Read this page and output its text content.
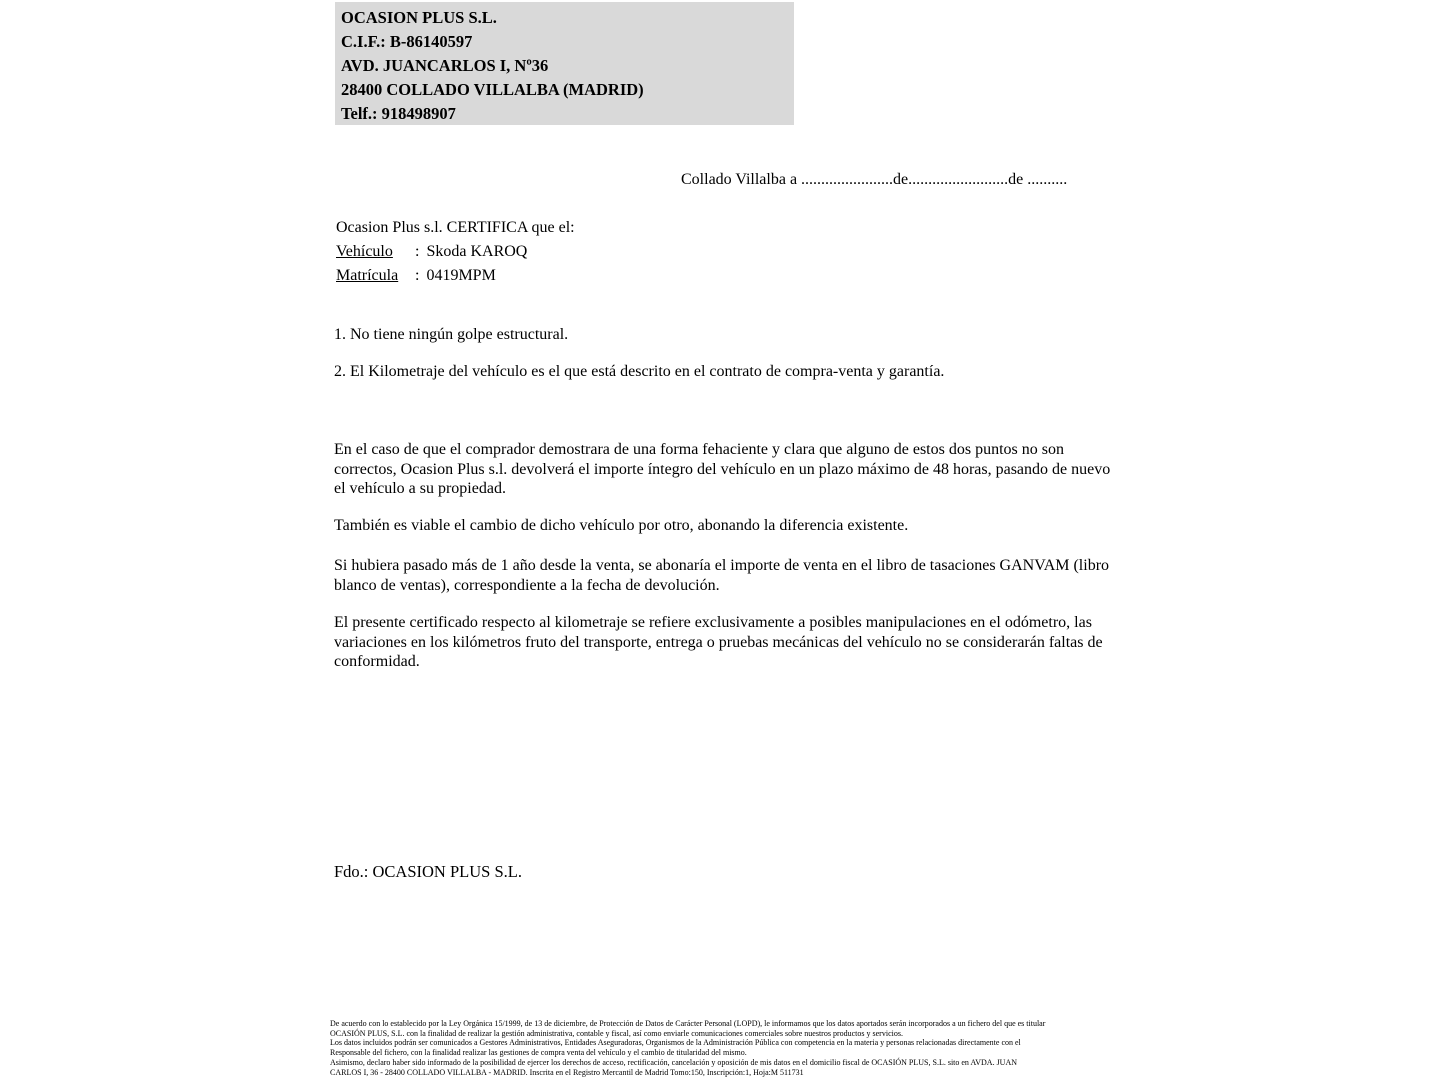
OCASION PLUS S.L.
C.I.F.: B-86140597
AVD. JUANCARLOS I, Nº36
28400 COLLADO VILLALBA (MADRID)
Telf.: 918498907
Collado Villalba a .......................de.........................de ..........
Ocasion Plus s.l. CERTIFICA que el:
Vehículo : Skoda KAROQ
Matrícula : 0419MPM
1. No tiene ningún golpe estructural.
2. El Kilometraje del vehículo es el que está descrito en el contrato de compra-venta y garantía.
En el caso de que el comprador demostrara de una forma fehaciente y clara que alguno de estos dos puntos no son correctos, Ocasion Plus s.l. devolverá el importe íntegro del vehículo en un plazo máximo de 48 horas, pasando de nuevo el vehículo a su propiedad.
También es viable el cambio de dicho vehículo por otro, abonando la diferencia existente.
Si hubiera pasado más de 1 año desde la venta, se abonaría el importe de venta en el libro de tasaciones GANVAM (libro blanco de ventas), correspondiente a la fecha de devolución.
El presente certificado respecto al kilometraje se refiere exclusivamente a posibles manipulaciones en el odómetro, las variaciones en los kilómetros fruto del transporte, entrega o pruebas mecánicas del vehículo no se considerarán faltas de conformidad.
Fdo.: OCASION PLUS S.L.
De acuerdo con lo establecido por la Ley Orgánica 15/1999, de 13 de diciembre, de Protección de Datos de Carácter Personal (LOPD), le informamos que los datos aportados serán incorporados a un fichero del que es titular
OCASIÓN PLUS, S.L. con la finalidad de realizar la gestión administrativa, contable y fiscal, así como enviarle comunicaciones comerciales sobre nuestros productos y servicios.
Los datos incluidos podrán ser comunicados a Gestores Administrativos, Entidades Aseguradoras, Organismos de la Administración Pública con competencia en la materia y personas relacionadas directamente con el
Responsable del fichero, con la finalidad realizar las gestiones de compra venta del vehículo y el cambio de titularidad del mismo.
Asimismo, declaro haber sido informado de la posibilidad de ejercer los derechos de acceso, rectificación, cancelación y oposición de mis datos en el domicilio fiscal de OCASIÓN PLUS, S.L. sito en AVDA. JUAN
CARLOS I, 36 - 28400 COLLADO VILLALBA - MADRID. Inscrita en el Registro Mercantil de Madrid Tomo:150, Inscripción:1, Hoja:M 511731
